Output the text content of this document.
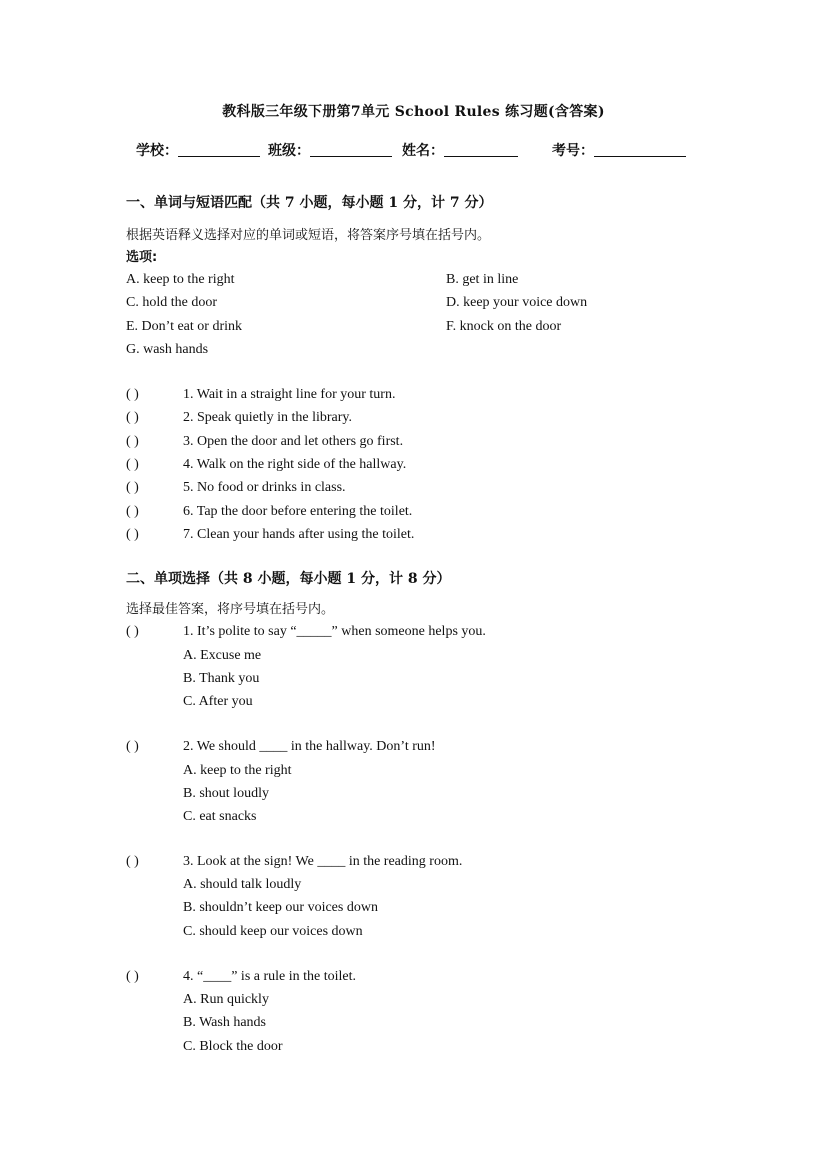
教科版三年级下册第7单元 School Rules 练习题(含答案)
学校：	班级：	姓名：	考号：
一、单词与短语匹配（共 7 小题，每小题 1 分，计 7 分）
根据英语释义选择对应的单词或短语，将答案序号填在括号内。
选项:
A. keep to the right	B. get in line
C. hold the door	D. keep your voice down
E. Don’t eat or drink	F. knock on the door
G. wash hands
( )	1. Wait in a straight line for your turn.
( )	2. Speak quietly in the library.
( )	3. Open the door and let others go first.
( )	4. Walk on the right side of the hallway.
( )	5. No food or drinks in class.
( )	6. Tap the door before entering the toilet.
( )	7. Clean your hands after using the toilet.
二、单项选择（共 8 小题，每小题 1 分，计 8 分）
选择最佳答案，将序号填在括号内。
( )	1. It’s polite to say “_____” when someone helps you.
A. Excuse me
B. Thank you
C. After you
( )	2. We should ____ in the hallway. Don’t run!
A. keep to the right
B. shout loudly
C. eat snacks
( )	3. Look at the sign! We ____ in the reading room.
A. should talk loudly
B. shouldn’t keep our voices down
C. should keep our voices down
( )	4. “____” is a rule in the toilet.
A. Run quickly
B. Wash hands
C. Block the door
